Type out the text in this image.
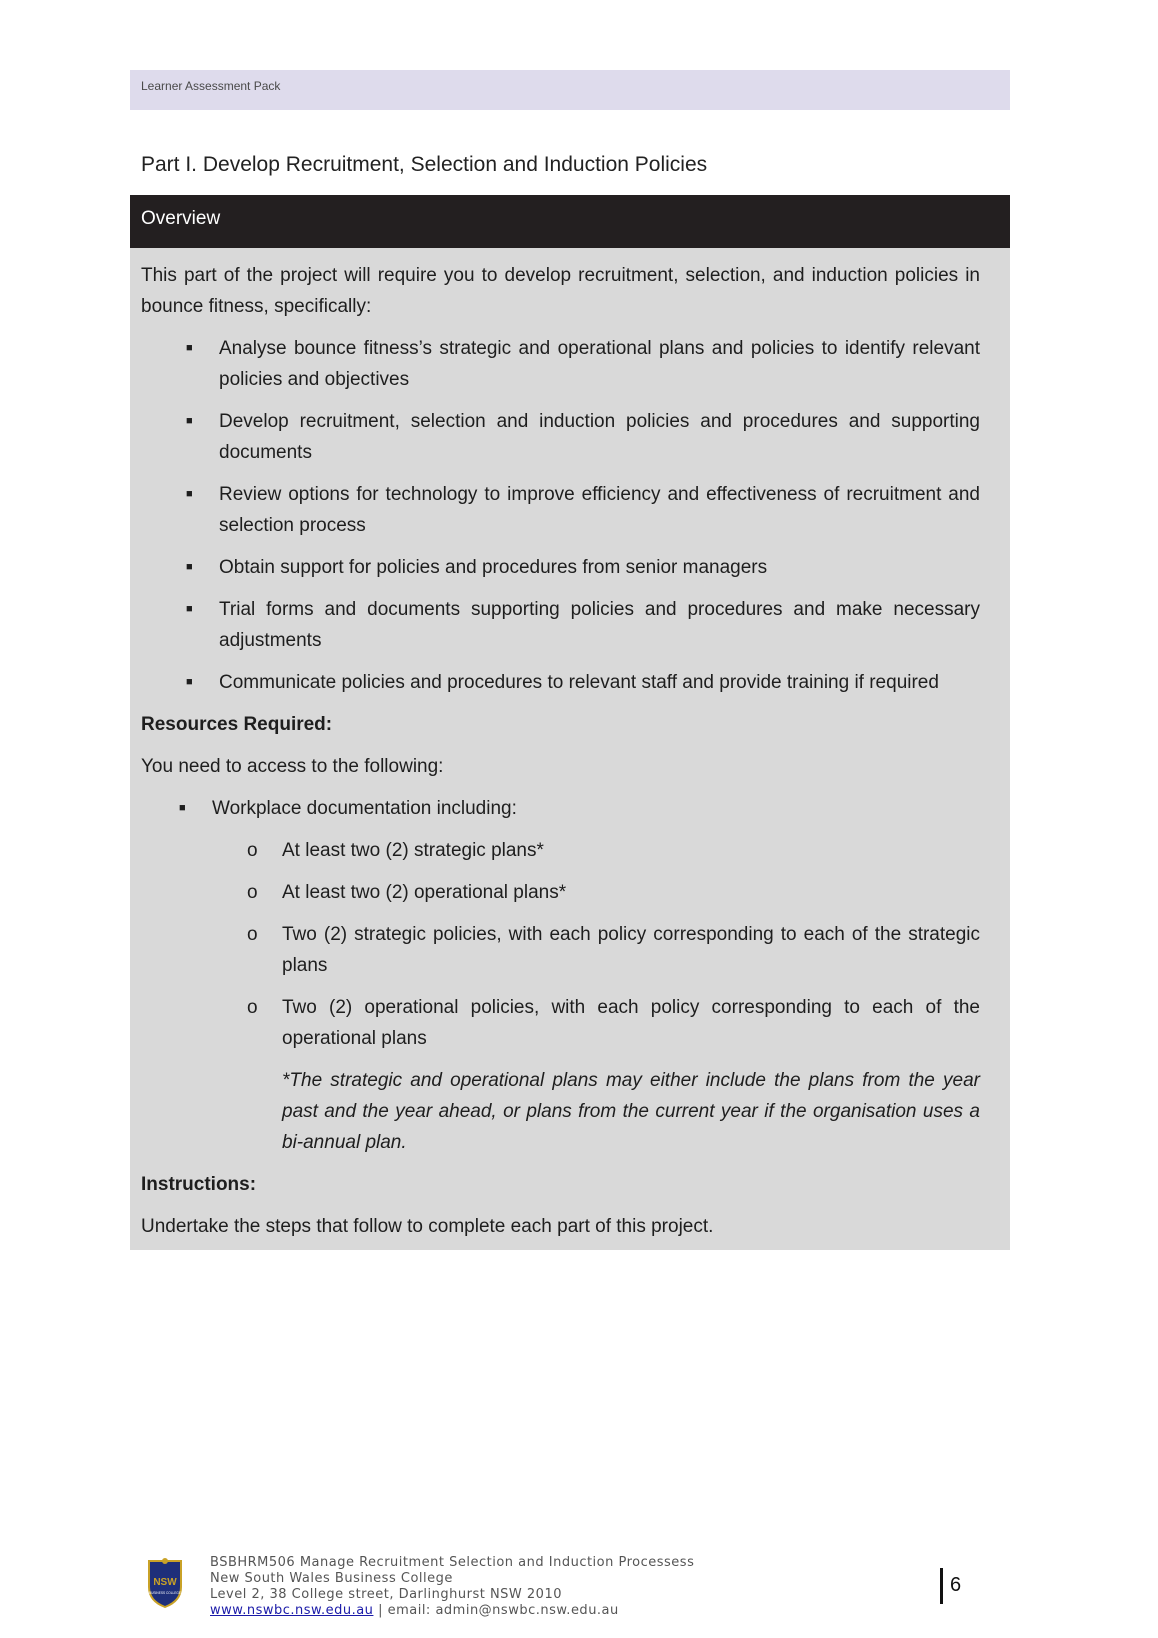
Learner Assessment Pack
Part I. Develop Recruitment, Selection and Induction Policies
Overview

This part of the project will require you to develop recruitment, selection, and induction policies in bounce fitness, specifically:

■ Analyse bounce fitness’s strategic and operational plans and policies to identify relevant policies and objectives
■ Develop recruitment, selection and induction policies and procedures and supporting documents
■ Review options for technology to improve efficiency and effectiveness of recruitment and selection process
■ Obtain support for policies and procedures from senior managers
■ Trial forms and documents supporting policies and procedures and make necessary adjustments
■ Communicate policies and procedures to relevant staff and provide training if required

Resources Required:

You need to access to the following:

■ Workplace documentation including:
o At least two (2) strategic plans*
o At least two (2) operational plans*
o Two (2) strategic policies, with each policy corresponding to each of the strategic plans
o Two (2) operational policies, with each policy corresponding to each of the operational plans

*The strategic and operational plans may either include the plans from the year past and the year ahead, or plans from the current year if the organisation uses a bi-annual plan.

Instructions:

Undertake the steps that follow to complete each part of this project.

NSW
BUSINESS COLLEGE
BSBHRM506 Manage Recruitment Selection and Induction Processess
New South Wales Business College
Level 2, 38 College street, Darlinghurst NSW 2010
www.nswbc.nsw.edu.au | email: admin@nswbc.nsw.edu.au
6
